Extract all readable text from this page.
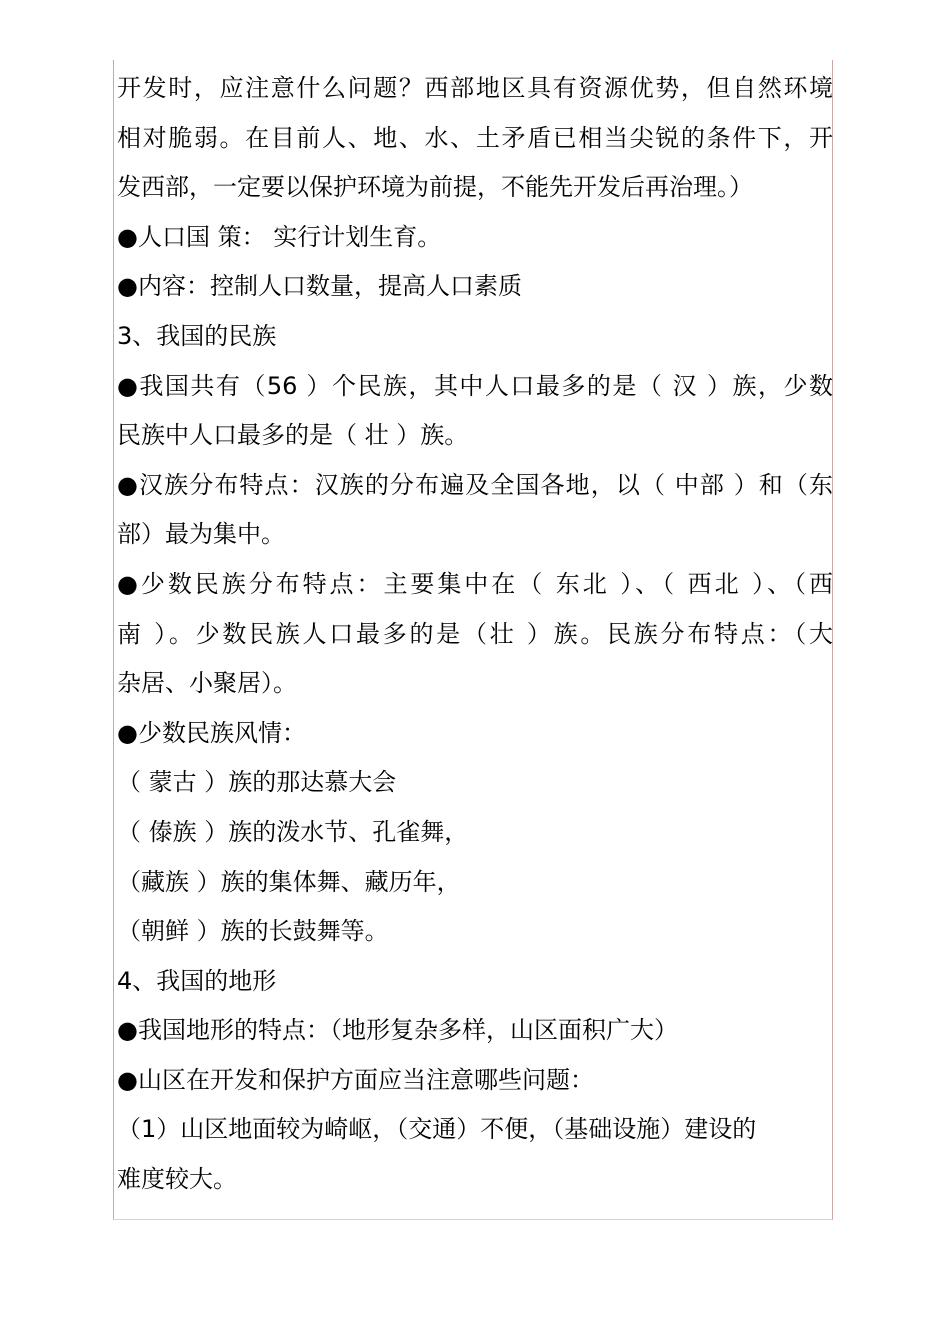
开发时，应注意什么问题？西部地区具有资源优势，但自然环境
相对脆弱。在目前人、地、水、土矛盾已相当尖锐的条件下，开
发西部，一定要以保护环境为前提，不能先开发后再治理。）
●人口国 策： 实行计划生育。
●内容：控制人口数量，提高人口素质
3、我国的民族
●我国共有（56 ）个民族，其中人口最多的是（ 汉 ）族，少数
民族中人口最多的是（ 壮 ）族。
●汉族分布特点：汉族的分布遍及全国各地，以（ 中部 ）和（东
部）最为集中。
●少数民族分布特点：主要集中在（ 东北 ）、（ 西北 ）、（西
南 ）。少数民族人口最多的是（壮 ）族。民族分布特点：（大
杂居、小聚居）。
●少数民族风情：
（ 蒙古 ）族的那达慕大会
（ 傣族 ）族的泼水节、孔雀舞，
（藏族 ）族的集体舞、藏历年，
（朝鲜 ）族的长鼓舞等。
4、我国的地形
●我国地形的特点：（地形复杂多样，山区面积广大）
●山区在开发和保护方面应当注意哪些问题：
（1）山区地面较为崎岖，（交通）不便，（基础设施）建设的
难度较大。
